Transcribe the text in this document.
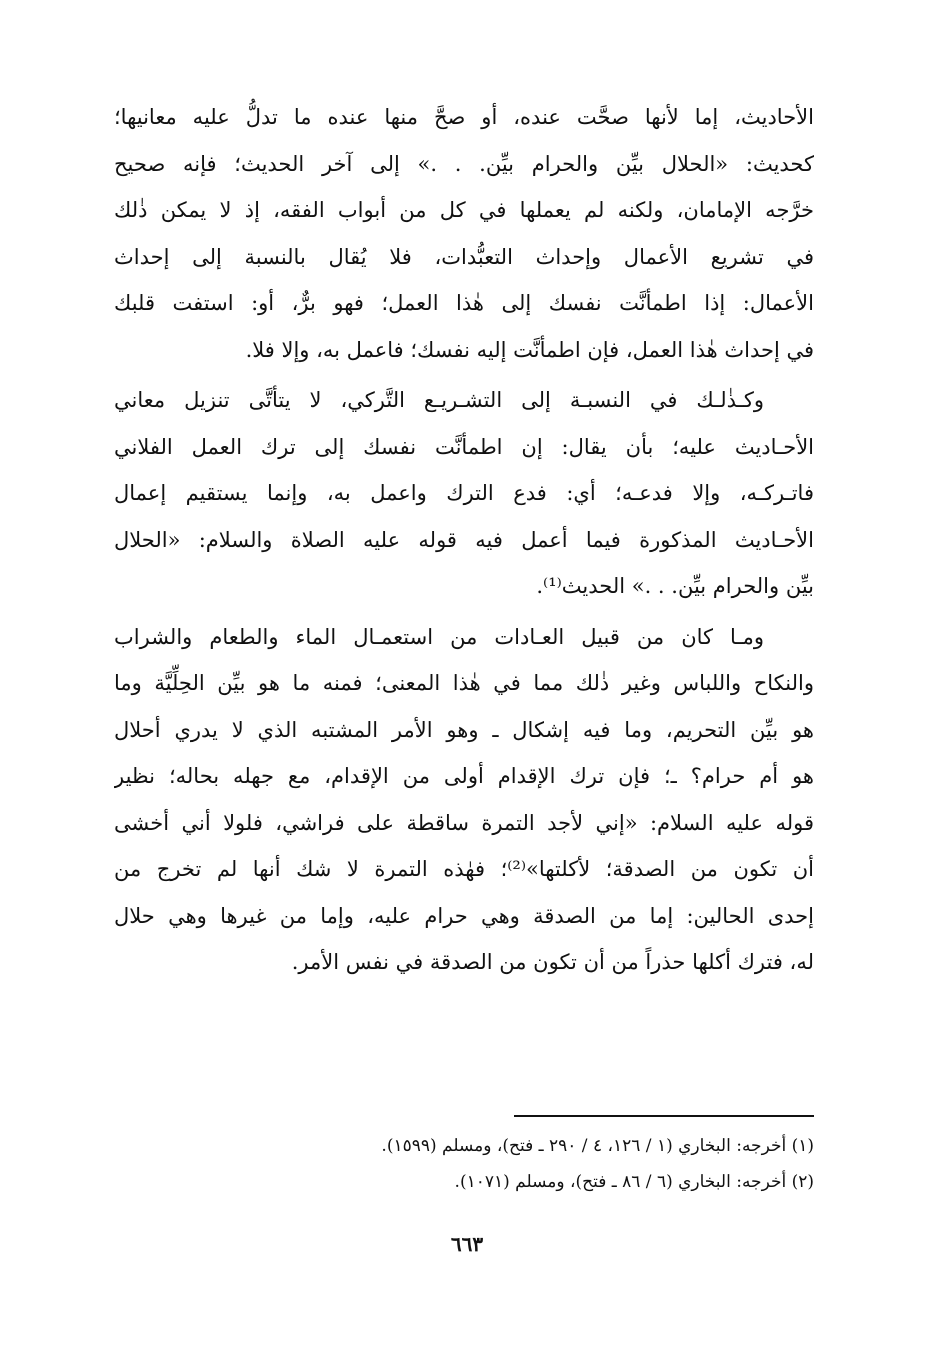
الأحاديث، إما لأنها صحَّت عنده، أو صحَّ منها عنده ما تدلُّ عليه معانيها؛
كحديث: «الحلال بيِّن والحرام بيِّن. . .» إلى آخر الحديث؛ فإنه صحيح
خرَّجه الإمامان، ولكنه لم يعملها في كل من أبواب الفقه، إذ لا يمكن ذٰلك
في تشريع الأعمال وإحداث التعبُّدات، فلا يُقال بالنسبة إلى إحداث
الأعمال: إذا اطمأنَّت نفسك إلى هٰذا العمل؛ فهو برٌّ، أو: استفت قلبك
في إحداث هٰذا العمل، فإن اطمأنَّت إليه نفسك؛ فاعمل به، وإلا فلا.
وكـذٰلـك في النسبـة إلى التشـريـع التَّركي، لا يتأتَّى تنزيل معاني
الأحـاديث عليه؛ بأن يقال: إن اطمأنَّت نفسك إلى ترك العمل الفلاني
فاتـركـه، وإلا فدعـه؛ أي: فدع الترك واعمل به، وإنما يستقيم إعمال
الأحـاديث المذكورة فيما أعمل فيه قوله عليه الصلاة والسلام: «الحلال
بيِّن والحرام بيِّن. . .» الحديث⁽¹⁾.
ومـا كان من قبيل العـادات من استعمـال الماء والطعام والشراب
والنكاح واللباس وغير ذٰلك مما في هٰذا المعنى؛ فمنه ما هو بيِّن الحِلِّيَّة وما
هو بيِّن التحريم، وما فيه إشكال ـ وهو الأمر المشتبه الذي لا يدري أحلال
هو أم حرام؟ ـ؛ فإن ترك الإقدام أولى من الإقدام، مع جهله بحاله؛ نظير
قوله عليه السلام: «إني لأجد التمرة ساقطة على فراشي، فلولا أني أخشى
أن تكون من الصدقة؛ لأكلتها»⁽²⁾؛ فهٰذه التمرة لا شك أنها لم تخرج من
إحدى الحالين: إما من الصدقة وهي حرام عليه، وإما من غيرها وهي حلال
له، فترك أكلها حذراً من أن تكون من الصدقة في نفس الأمر.
(١) أخرجه: البخاري (١ / ١٢٦، ٤ / ٢٩٠ ـ فتح)، ومسلم (١٥٩٩).
(٢) أخرجه: البخاري (٦ / ٨٦ ـ فتح)، ومسلم (١٠٧١).
٦٦٣
